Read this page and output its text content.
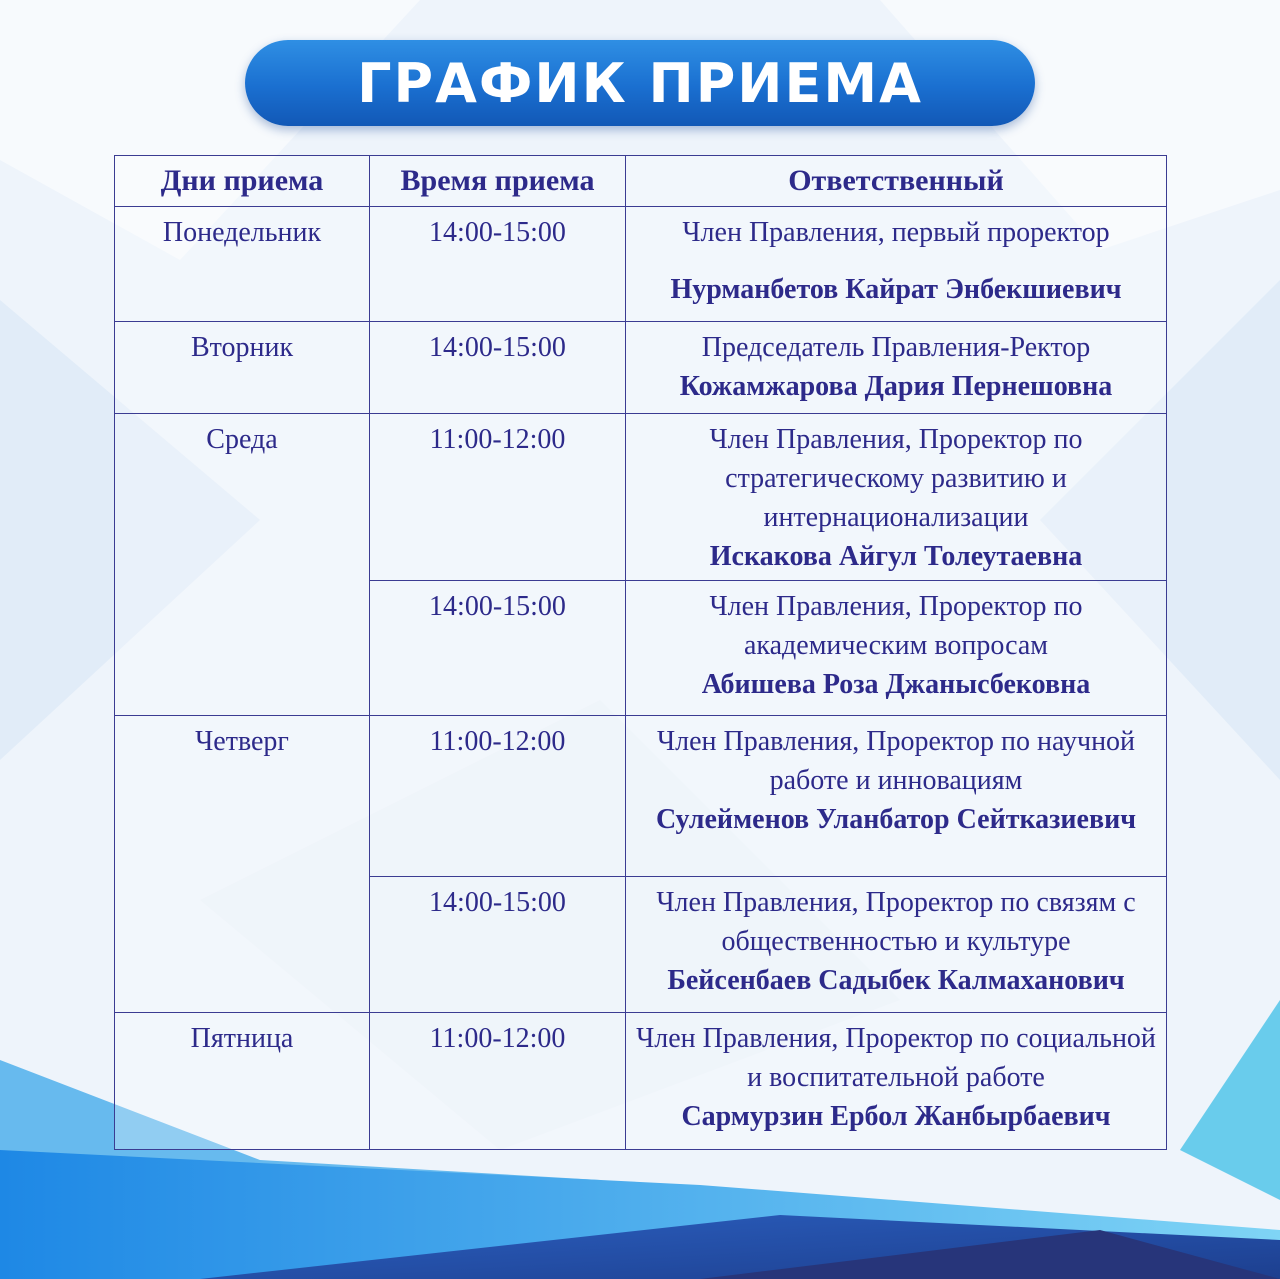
ГРАФИК ПРИЕМА
Дни приема	Время приема	Ответственный
Понедельник	14:00-15:00	Член Правления, первый проректор
Нурманбетов Кайрат Энбекшиевич

Вторник	14:00-15:00	Председатель Правления-Ректор
Кожамжарова Дария Пернешовна

Среда	11:00-12:00	Член Правления, Проректор по стратегическому развитию и интернационализации
Искакова Айгул Толеутаевна

	14:00-15:00	Член Правления, Проректор по академическим вопросам
Абишева Роза Джанысбековна

Четверг	11:00-12:00	Член Правления, Проректор по научной работе и инновациям
Сулейменов Уланбатор Сейтказиевич

	14:00-15:00	Член Правления, Проректор по связям с общественностью и культуре
Бейсенбаев Садыбек Калмаханович

Пятница	11:00-12:00	Член Правления, Проректор по социальной и воспитательной работе
Сармурзин Ербол Жанбырбаевич
